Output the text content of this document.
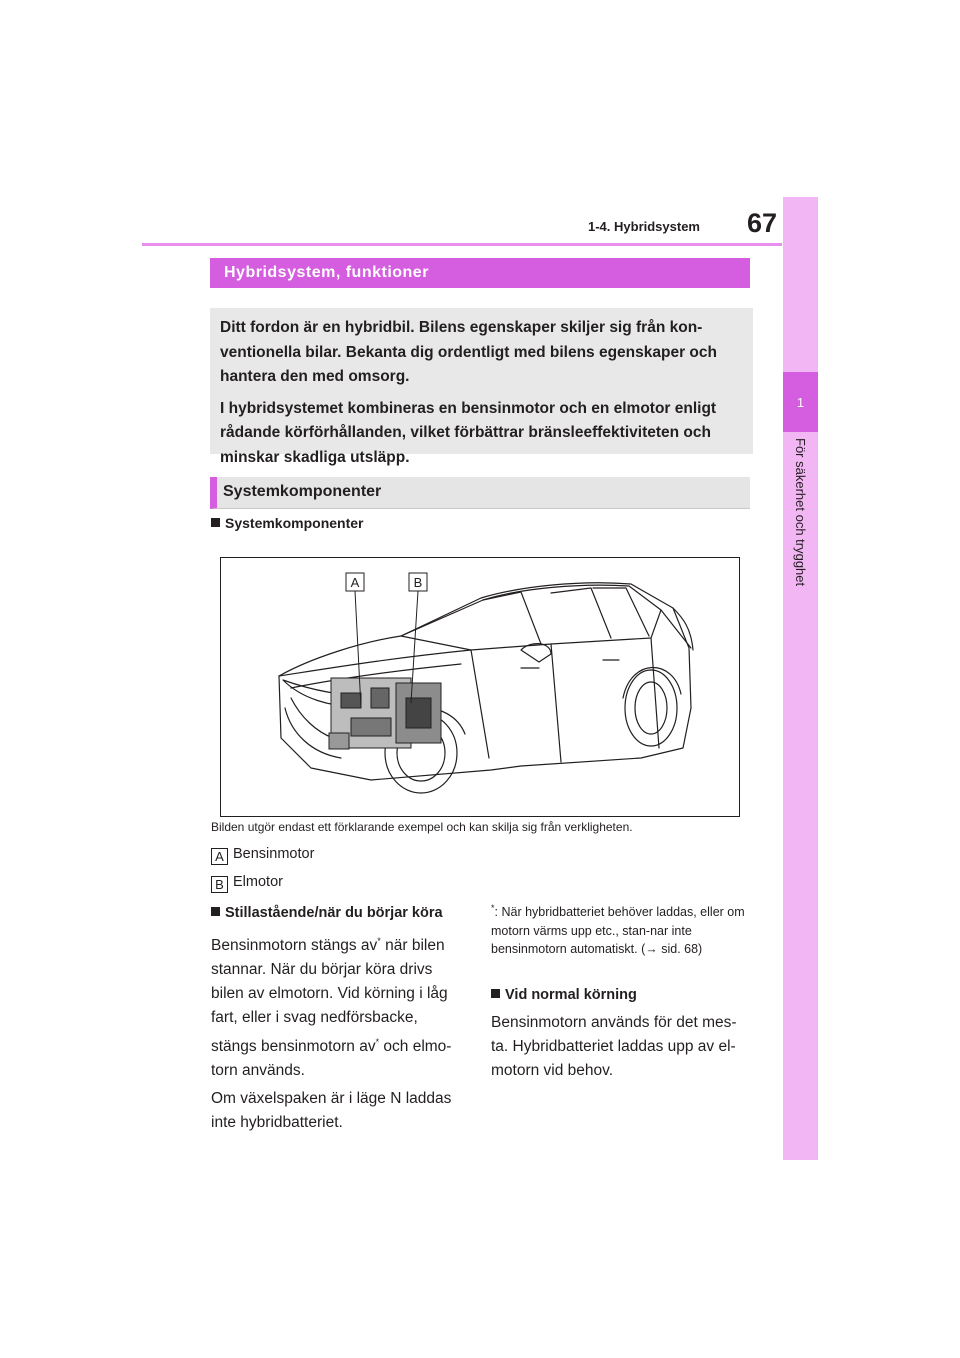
1-4. Hybridsystem	67
1
För säkerhet och trygghet
Hybridsystem, funktioner

Ditt fordon är en hybridbil. Bilens egenskaper skiljer sig från kon-ventionella bilar. Bekanta dig ordentligt med bilens egenskaper och hantera den med omsorg.

I hybridsystemet kombineras en bensinmotor och en elmotor enligt rådande körförhållanden, vilket förbättrar bränsleeffektiviteten och minskar skadliga utsläpp.

Systemkomponenter
Systemkomponenter
A	B
Bilden utgör endast ett förklarande exempel och kan skilja sig från verkligheten.
A Bensinmotor
B Elmotor
Stillastående/när du börjar köra

Bensinmotorn stängs av* när bilen stannar. När du börjar köra drivs bilen av elmotorn. Vid körning i låg fart, eller i svag nedförsbacke, stängs bensinmotorn av* och elmo-torn används.

Om växelspaken är i läge N laddas inte hybridbatteriet.

*: När hybridbatteriet behöver laddas, eller om motorn värms upp etc., stan-nar inte bensinmotorn automatiskt. (→ sid. 68)
Vid normal körning

Bensinmotorn används för det mes-ta. Hybridbatteriet laddas upp av el-motorn vid behov.
